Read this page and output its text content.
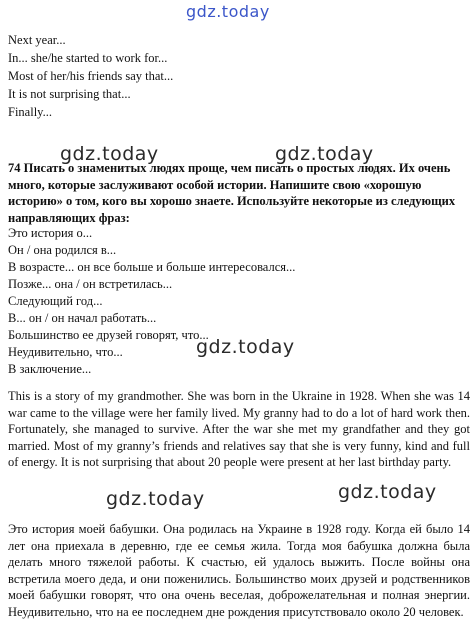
gdz.today
Next year...
In... she/he started to work for...
Most of her/his friends say that...
It is not surprising that...
Finally...
gdz.today	gdz.today
74 Писать о знаменитых людях проще, чем писать о простых людях. Их очень много, которые заслуживают особой истории. Напишите свою «хорошую историю» о том, кого вы хорошо знаете. Используйте некоторые из следующих направляющих фраз:
Это история о...
Он / она родился в...
В возрасте... он все больше и больше интересовался...
Позже... она / он встретилась...
Следующий год...
В... он / он начал работать...
Большинство ее друзей говорят, что...
Неудивительно, что...
В заключение...
gdz.today
This is a story of my grandmother. She was born in the Ukraine in 1928. When she was 14 war came to the village were her family lived. My granny had to do a lot of hard work then. Fortunately, she managed to survive. After the war she met my grandfather and they got married. Most of my granny’s friends and relatives say that she is very funny, kind and full of energy. It is not surprising that about 20 people were present at her last birthday party.
gdz.today
gdz.today
Это история моей бабушки. Она родилась на Украине в 1928 году. Когда ей было 14 лет она приехала в деревню, где ее семья жила. Тогда моя бабушка должна была делать много тяжелой работы. К счастью, ей удалось выжить. После войны она встретила моего деда, и они поженились. Большинство моих друзей и родственников моей бабушки говорят, что она очень веселая, доброжелательная и полная энергии. Неудивительно, что на ее последнем дне рождения присутствовало около 20 человек.
